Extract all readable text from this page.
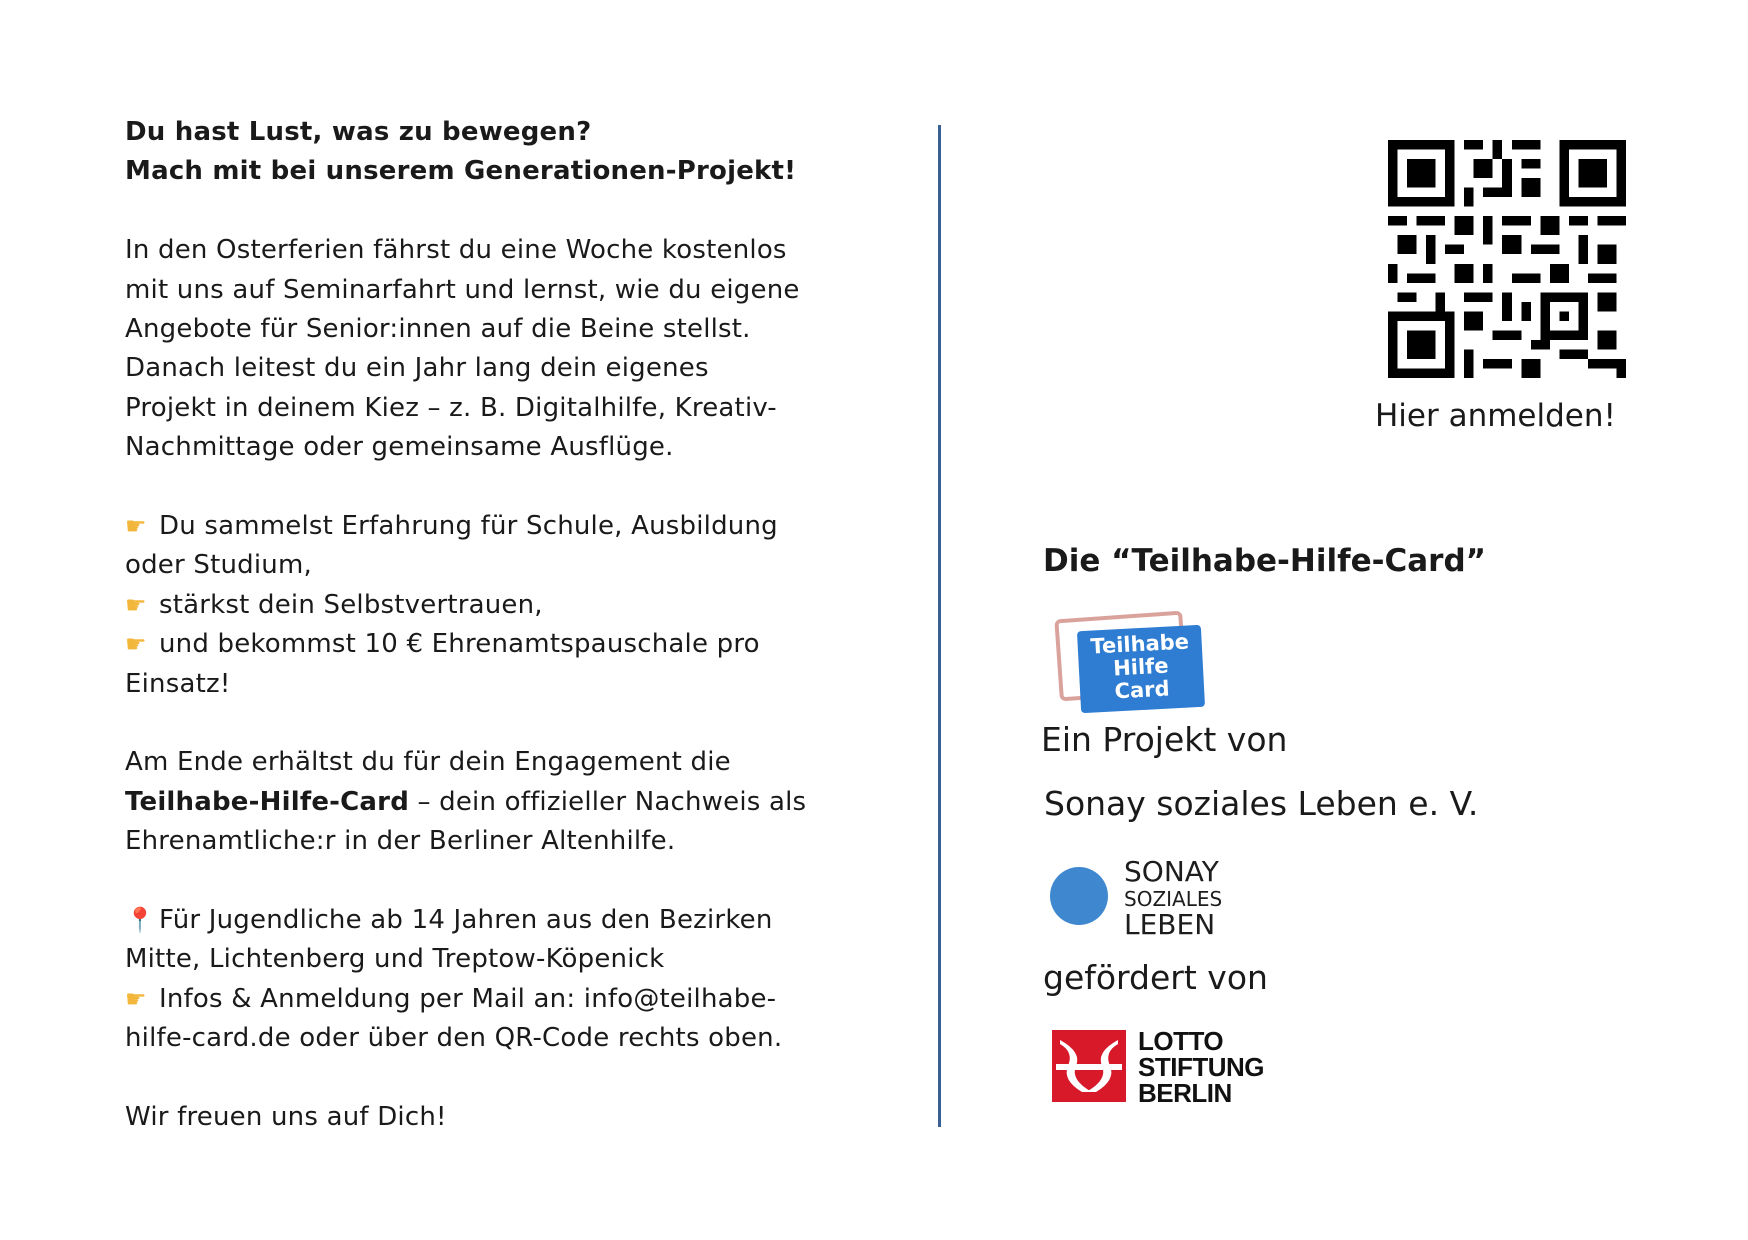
Du hast Lust, was zu bewegen?
Mach mit bei unserem Generationen-Projekt!

In den Osterferien fährst du eine Woche kostenlos
mit uns auf Seminarfahrt und lernst, wie du eigene
Angebote für Senior:innen auf die Beine stellst.
Danach leitest du ein Jahr lang dein eigenes
Projekt in deinem Kiez – z. B. Digitalhilfe, Kreativ-
Nachmittage oder gemeinsame Ausflüge.

☛ Du sammelst Erfahrung für Schule, Ausbildung
oder Studium,
☛ stärkst dein Selbstvertrauen,
☛ und bekommst 10 € Ehrenamtspauschale pro
Einsatz!

Am Ende erhältst du für dein Engagement die
Teilhabe-Hilfe-Card – dein offizieller Nachweis als
Ehrenamtliche:r in der Berliner Altenhilfe.

📍 Für Jugendliche ab 14 Jahren aus den Bezirken
Mitte, Lichtenberg und Treptow-Köpenick
☛ Infos & Anmeldung per Mail an: info@teilhabe-
hilfe-card.de oder über den QR-Code rechts oben.

Wir freuen uns auf Dich!

Hier anmelden!
Die “Teilhabe-Hilfe-Card”
Teilhabe
Hilfe
Card
Ein Projekt von
Sonay soziales Leben e. V.
SONAY
SOZIALES
LEBEN
gefördert von
LOTTO
STIFTUNG
BERLIN
